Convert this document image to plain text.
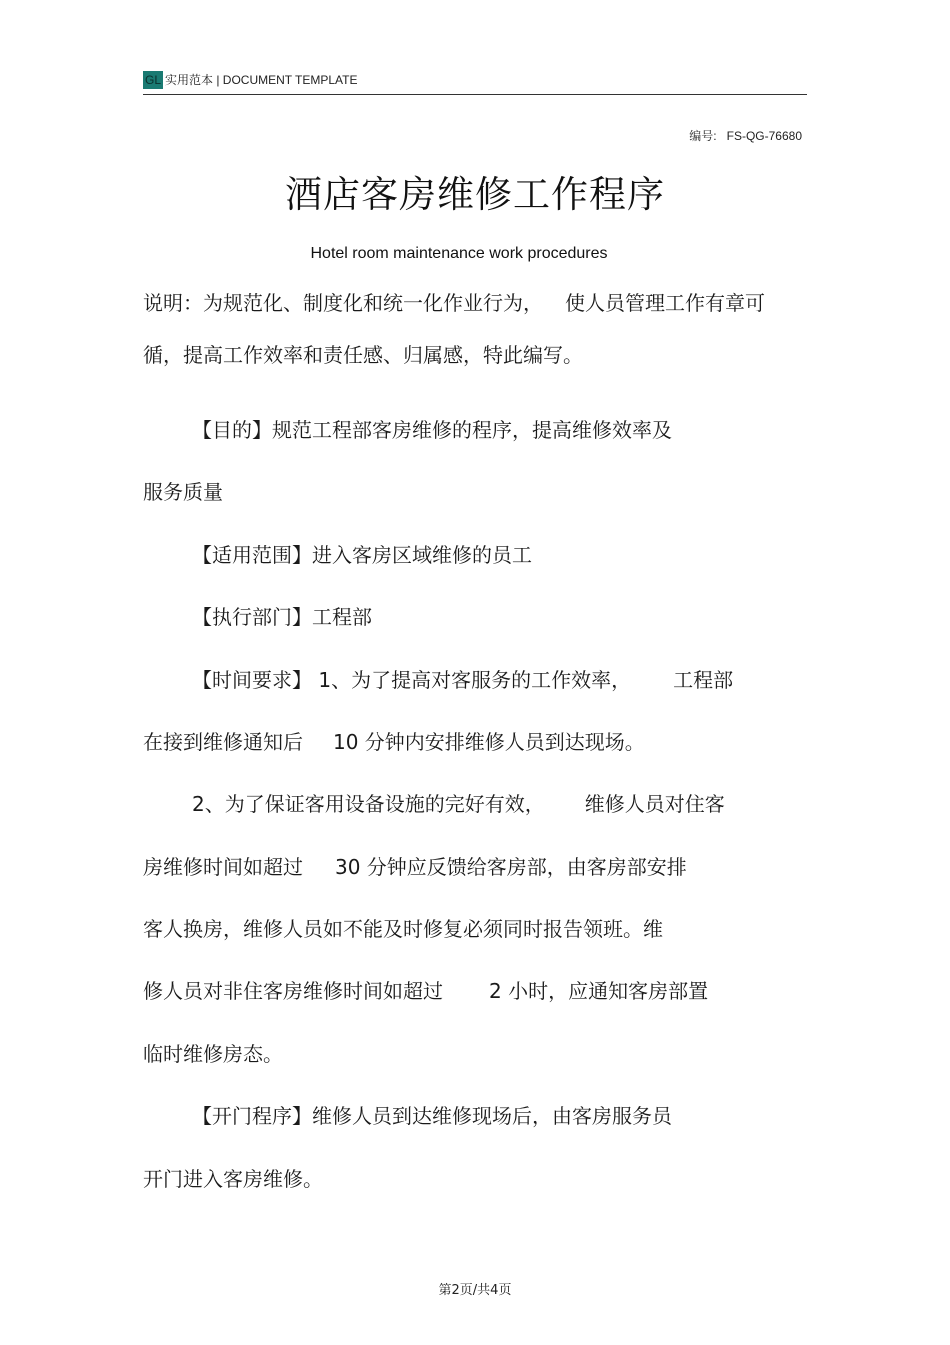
GL 实用范本 | DOCUMENT TEMPLATE
编号: FS-QG-76680
酒店客房维修工作程序
Hotel room maintenance work procedures
说明：为规范化、制度化和统一化作业行为， 使人员管理工作有章可
循，提高工作效率和责任感、归属感，特此编写。
【目的】规范工程部客房维修的程序，提高维修效率及
服务质量
【适用范围】进入客房区域维修的员工
【执行部门】工程部
【时间要求】 1、为了提高对客服务的工作效率， 工程部
在接到维修通知后 10 分钟内安排维修人员到达现场。
2、为了保证客用设备设施的完好有效， 维修人员对住客
房维修时间如超过 30 分钟应反馈给客房部，由客房部安排
客人换房，维修人员如不能及时修复必须同时报告领班。维
修人员对非住客房维修时间如超过 2 小时，应通知客房部置
临时维修房态。
【开门程序】维修人员到达维修现场后，由客房服务员
开门进入客房维修。
第2页/共4页
